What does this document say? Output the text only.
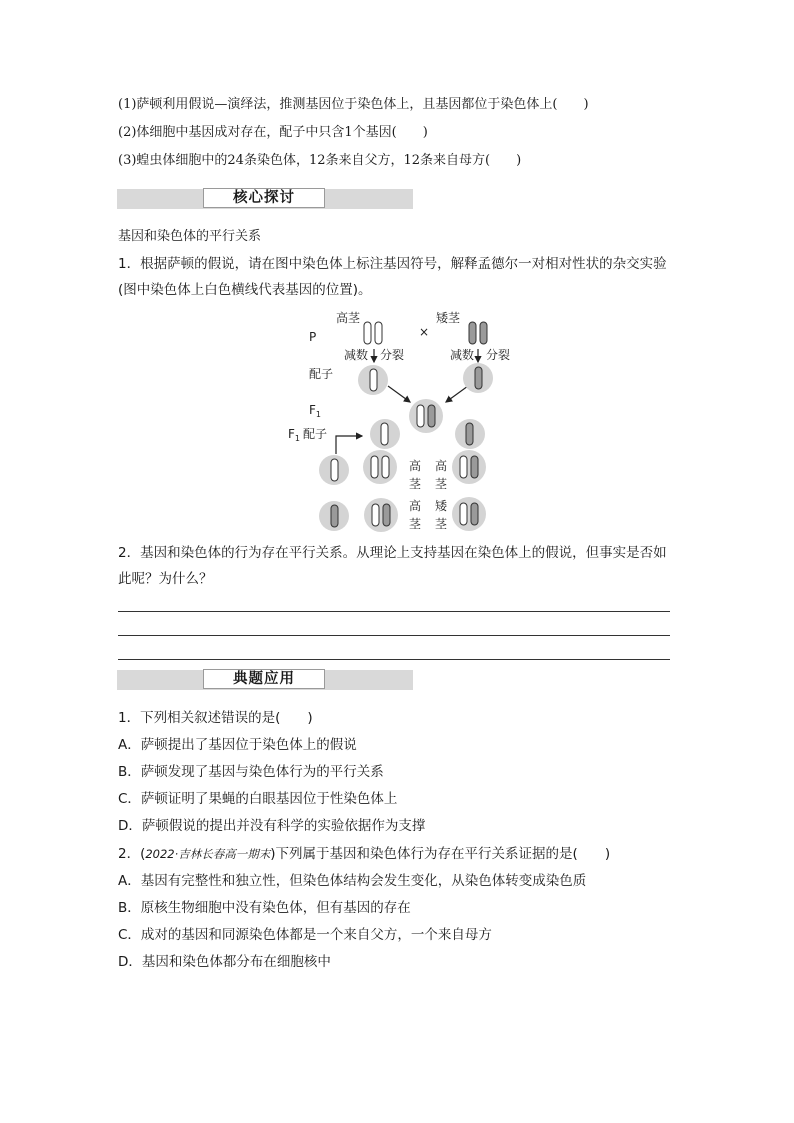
(1)萨顿利用假说—演绎法，推测基因位于染色体上，且基因都位于染色体上(　　)
(2)体细胞中基因成对存在，配子中只含1个基因(　　)
(3)蝗虫体细胞中的24条染色体，12条来自父方，12条来自母方(　　)
核心探讨
基因和染色体的平行关系
1．根据萨顿的假说，请在图中染色体上标注基因符号，解释孟德尔一对相对性状的杂交实验
(图中染色体上白色横线代表基因的位置)。
高茎	矮茎
×
P
减数 分裂	减数 分裂
配子
$F_1$
$F_1$ 配子
高
茎
高
茎
高
茎
矮
茎
2．基因和染色体的行为存在平行关系。从理论上支持基因在染色体上的假说，但事实是否如
此呢？为什么？
典题应用
1．下列相关叙述错误的是(　　)
A．萨顿提出了基因位于染色体上的假说
B．萨顿发现了基因与染色体行为的平行关系
C．萨顿证明了果蝇的白眼基因位于性染色体上
D．萨顿假说的提出并没有科学的实验依据作为支撑
2．(2022·吉林长春高一期末)下列属于基因和染色体行为存在平行关系证据的是(　　)
A．基因有完整性和独立性，但染色体结构会发生变化，从染色体转变成染色质
B．原核生物细胞中没有染色体，但有基因的存在
C．成对的基因和同源染色体都是一个来自父方，一个来自母方
D．基因和染色体都分布在细胞核中
